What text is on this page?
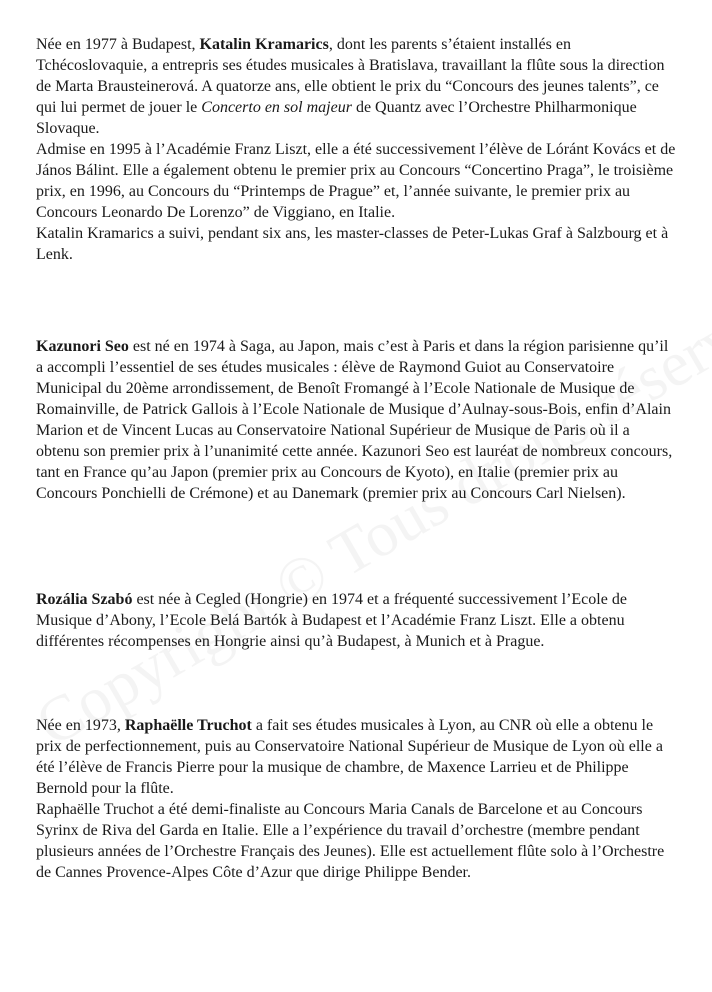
Née en 1977 à Budapest, Katalin Kramarics, dont les parents s’étaient installés en Tchécoslovaquie, a entrepris ses études musicales à Bratislava, travaillant la flûte sous la direction de Marta Brausteinerová. A quatorze ans, elle obtient le prix du “Concours des jeunes talents”, ce qui lui permet de jouer le Concerto en sol majeur de Quantz avec l’Orchestre Philharmonique Slovaque.

Admise en 1995 à l’Académie Franz Liszt, elle a été successivement l’élève de Lóránt Kovács et de János Bálint. Elle a également obtenu le premier prix au Concours “Concertino Praga”, le troisième prix, en 1996, au Concours du “Printemps de Prague” et, l’année suivante, le premier prix au Concours Leonardo De Lorenzo” de Viggiano, en Italie.

Katalin Kramarics a suivi, pendant six ans, les master-classes de Peter-Lukas Graf à Salzbourg et à Lenk.

Kazunori Seo est né en 1974 à Saga, au Japon, mais c’est à Paris et dans la région parisienne qu’il a accompli l’essentiel de ses études musicales : élève de Raymond Guiot au Conservatoire Municipal du 20ème arrondissement, de Benoît Fromangé à l’Ecole Nationale de Musique de Romainville, de Patrick Gallois à l’Ecole Nationale de Musique d’Aulnay-sous-Bois, enfin d’Alain Marion et de Vincent Lucas au Conservatoire National Supérieur de Musique de Paris où il a obtenu son premier prix à l’unanimité cette année. Kazunori Seo est lauréat de nombreux concours, tant en France qu’au Japon (premier prix au Concours de Kyoto), en Italie (premier prix au Concours Ponchielli de Crémone) et au Danemark (premier prix au Concours Carl Nielsen).

Rozália Szabó est née à Cegled (Hongrie) en 1974 et a fréquenté successivement l’Ecole de Musique d’Abony, l’Ecole Belá Bartók à Budapest et l’Académie Franz Liszt. Elle a obtenu différentes récompenses en Hongrie ainsi qu’à Budapest, à Munich et à Prague.

Née en 1973, Raphaëlle Truchot a fait ses études musicales à Lyon, au CNR où elle a obtenu le prix de perfectionnement, puis au Conservatoire National Supérieur de Musique de Lyon où elle a été l’élève de Francis Pierre pour la musique de chambre, de Maxence Larrieu et de Philippe Bernold pour la flûte.

Raphaëlle Truchot a été demi-finaliste au Concours Maria Canals de Barcelone et au Concours Syrinx de Riva del Garda en Italie. Elle a l’expérience du travail d’orchestre (membre pendant plusieurs années de l’Orchestre Français des Jeunes). Elle est actuellement flûte solo à l’Orchestre de Cannes Provence-Alpes Côte d’Azur que dirige Philippe Bender.
